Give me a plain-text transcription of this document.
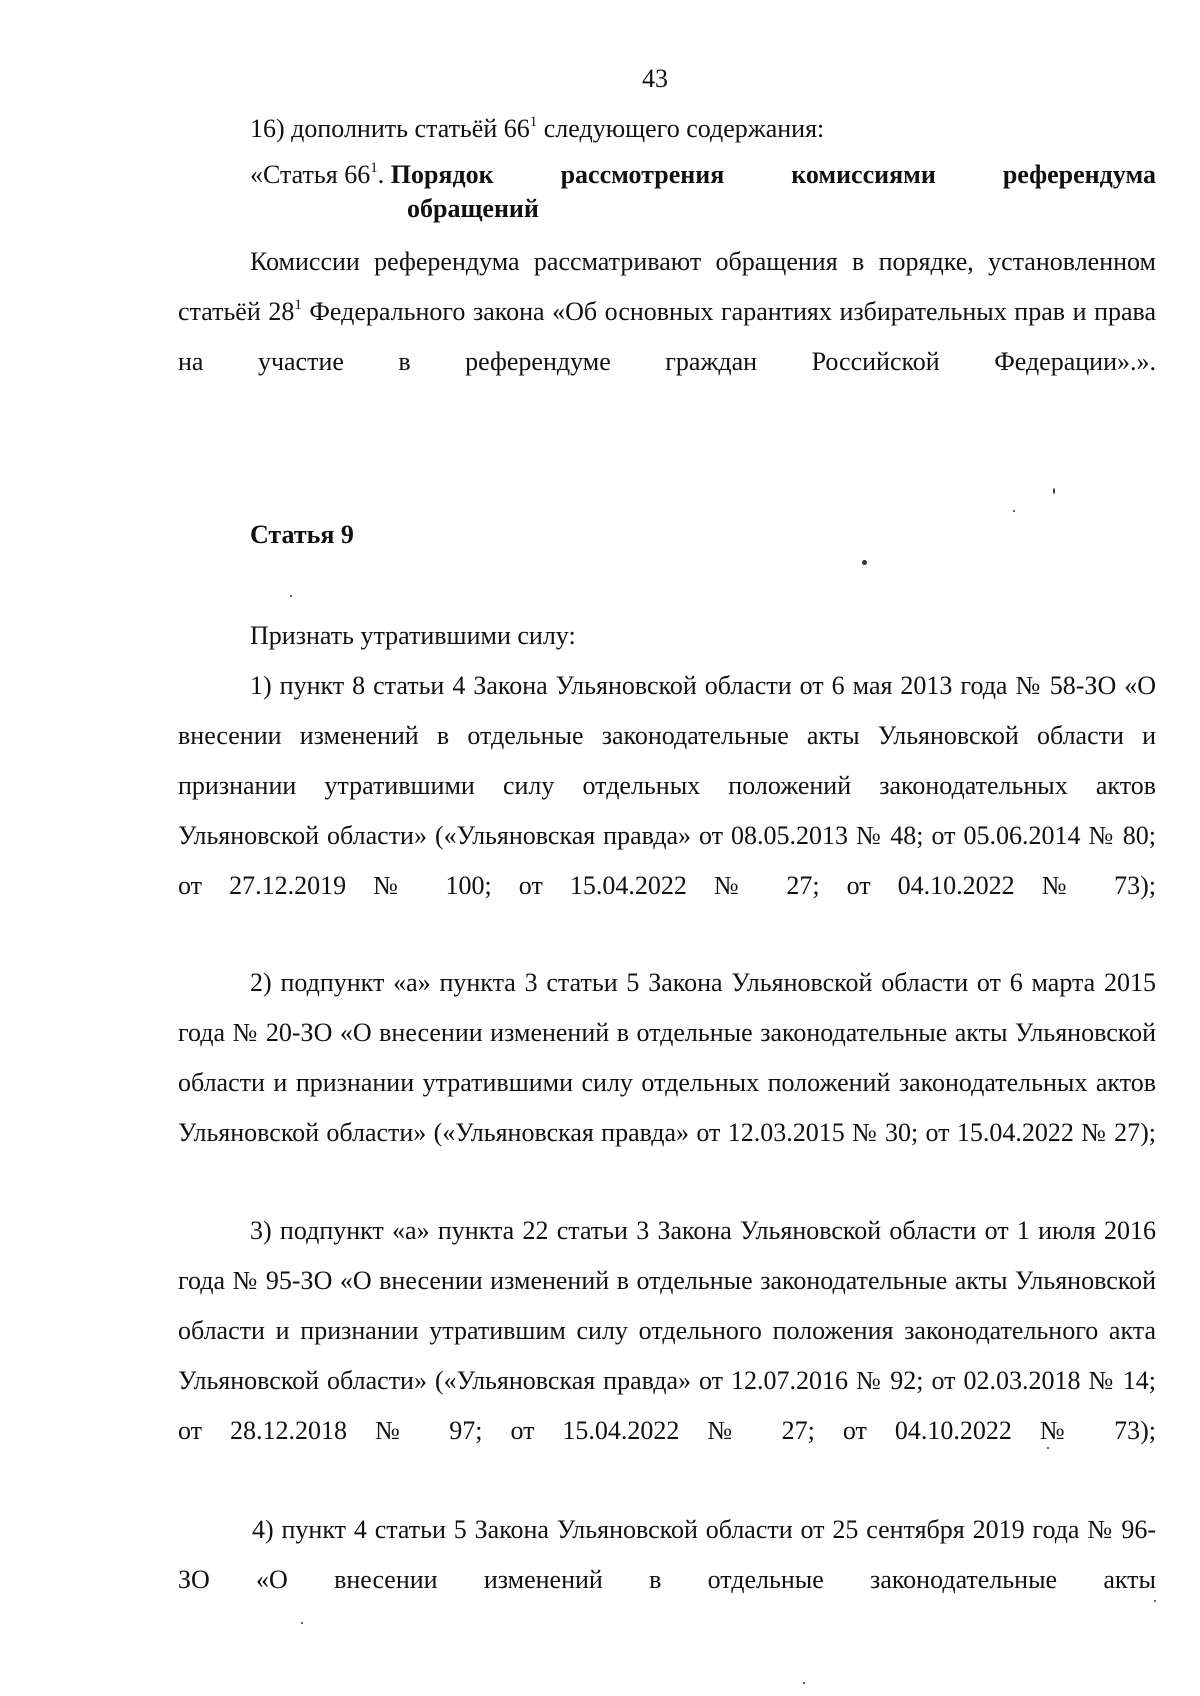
43
16) дополнить статьёй $66^1$ следующего содержания:
«Статья $66^1$. Порядок	рассмотрения	комиссиями	референдума
обращений
Комиссии референдума рассматривают обращения в порядке, установленном статьёй $28^1$ Федерального закона «Об основных гарантиях избирательных прав и права на участие в референдуме граждан Российской Федерации».».
Статья 9
Признать утратившими силу:

1) пункт 8 статьи 4 Закона Ульяновской области от 6 мая 2013 года № 58-ЗО «О внесении изменений в отдельные законодательные акты Ульяновской области и признании утратившими силу отдельных положений законодательных актов Ульяновской области» («Ульяновская правда» от 08.05.2013 № 48; от 05.06.2014 № 80; от 27.12.2019 № 100; от 15.04.2022 № 27; от 04.10.2022 № 73);

2) подпункт «а» пункта 3 статьи 5 Закона Ульяновской области от 6 марта 2015 года № 20-ЗО «О внесении изменений в отдельные законодательные акты Ульяновской области и признании утратившими силу отдельных положений законодательных актов Ульяновской области» («Ульяновская правда» от 12.03.2015 № 30; от 15.04.2022 № 27);

3) подпункт «а» пункта 22 статьи 3 Закона Ульяновской области от 1 июля 2016 года № 95-ЗО «О внесении изменений в отдельные законодательные акты Ульяновской области и признании утратившим силу отдельного положения законодательного акта Ульяновской области» («Ульяновская правда» от 12.07.2016 № 92; от 02.03.2018 № 14; от 28.12.2018 № 97; от 15.04.2022 № 27; от 04.10.2022 № 73);

4) пункт 4 статьи 5 Закона Ульяновской области от 25 сентября 2019 года № 96-ЗО «О внесении изменений в отдельные законодательные акты
